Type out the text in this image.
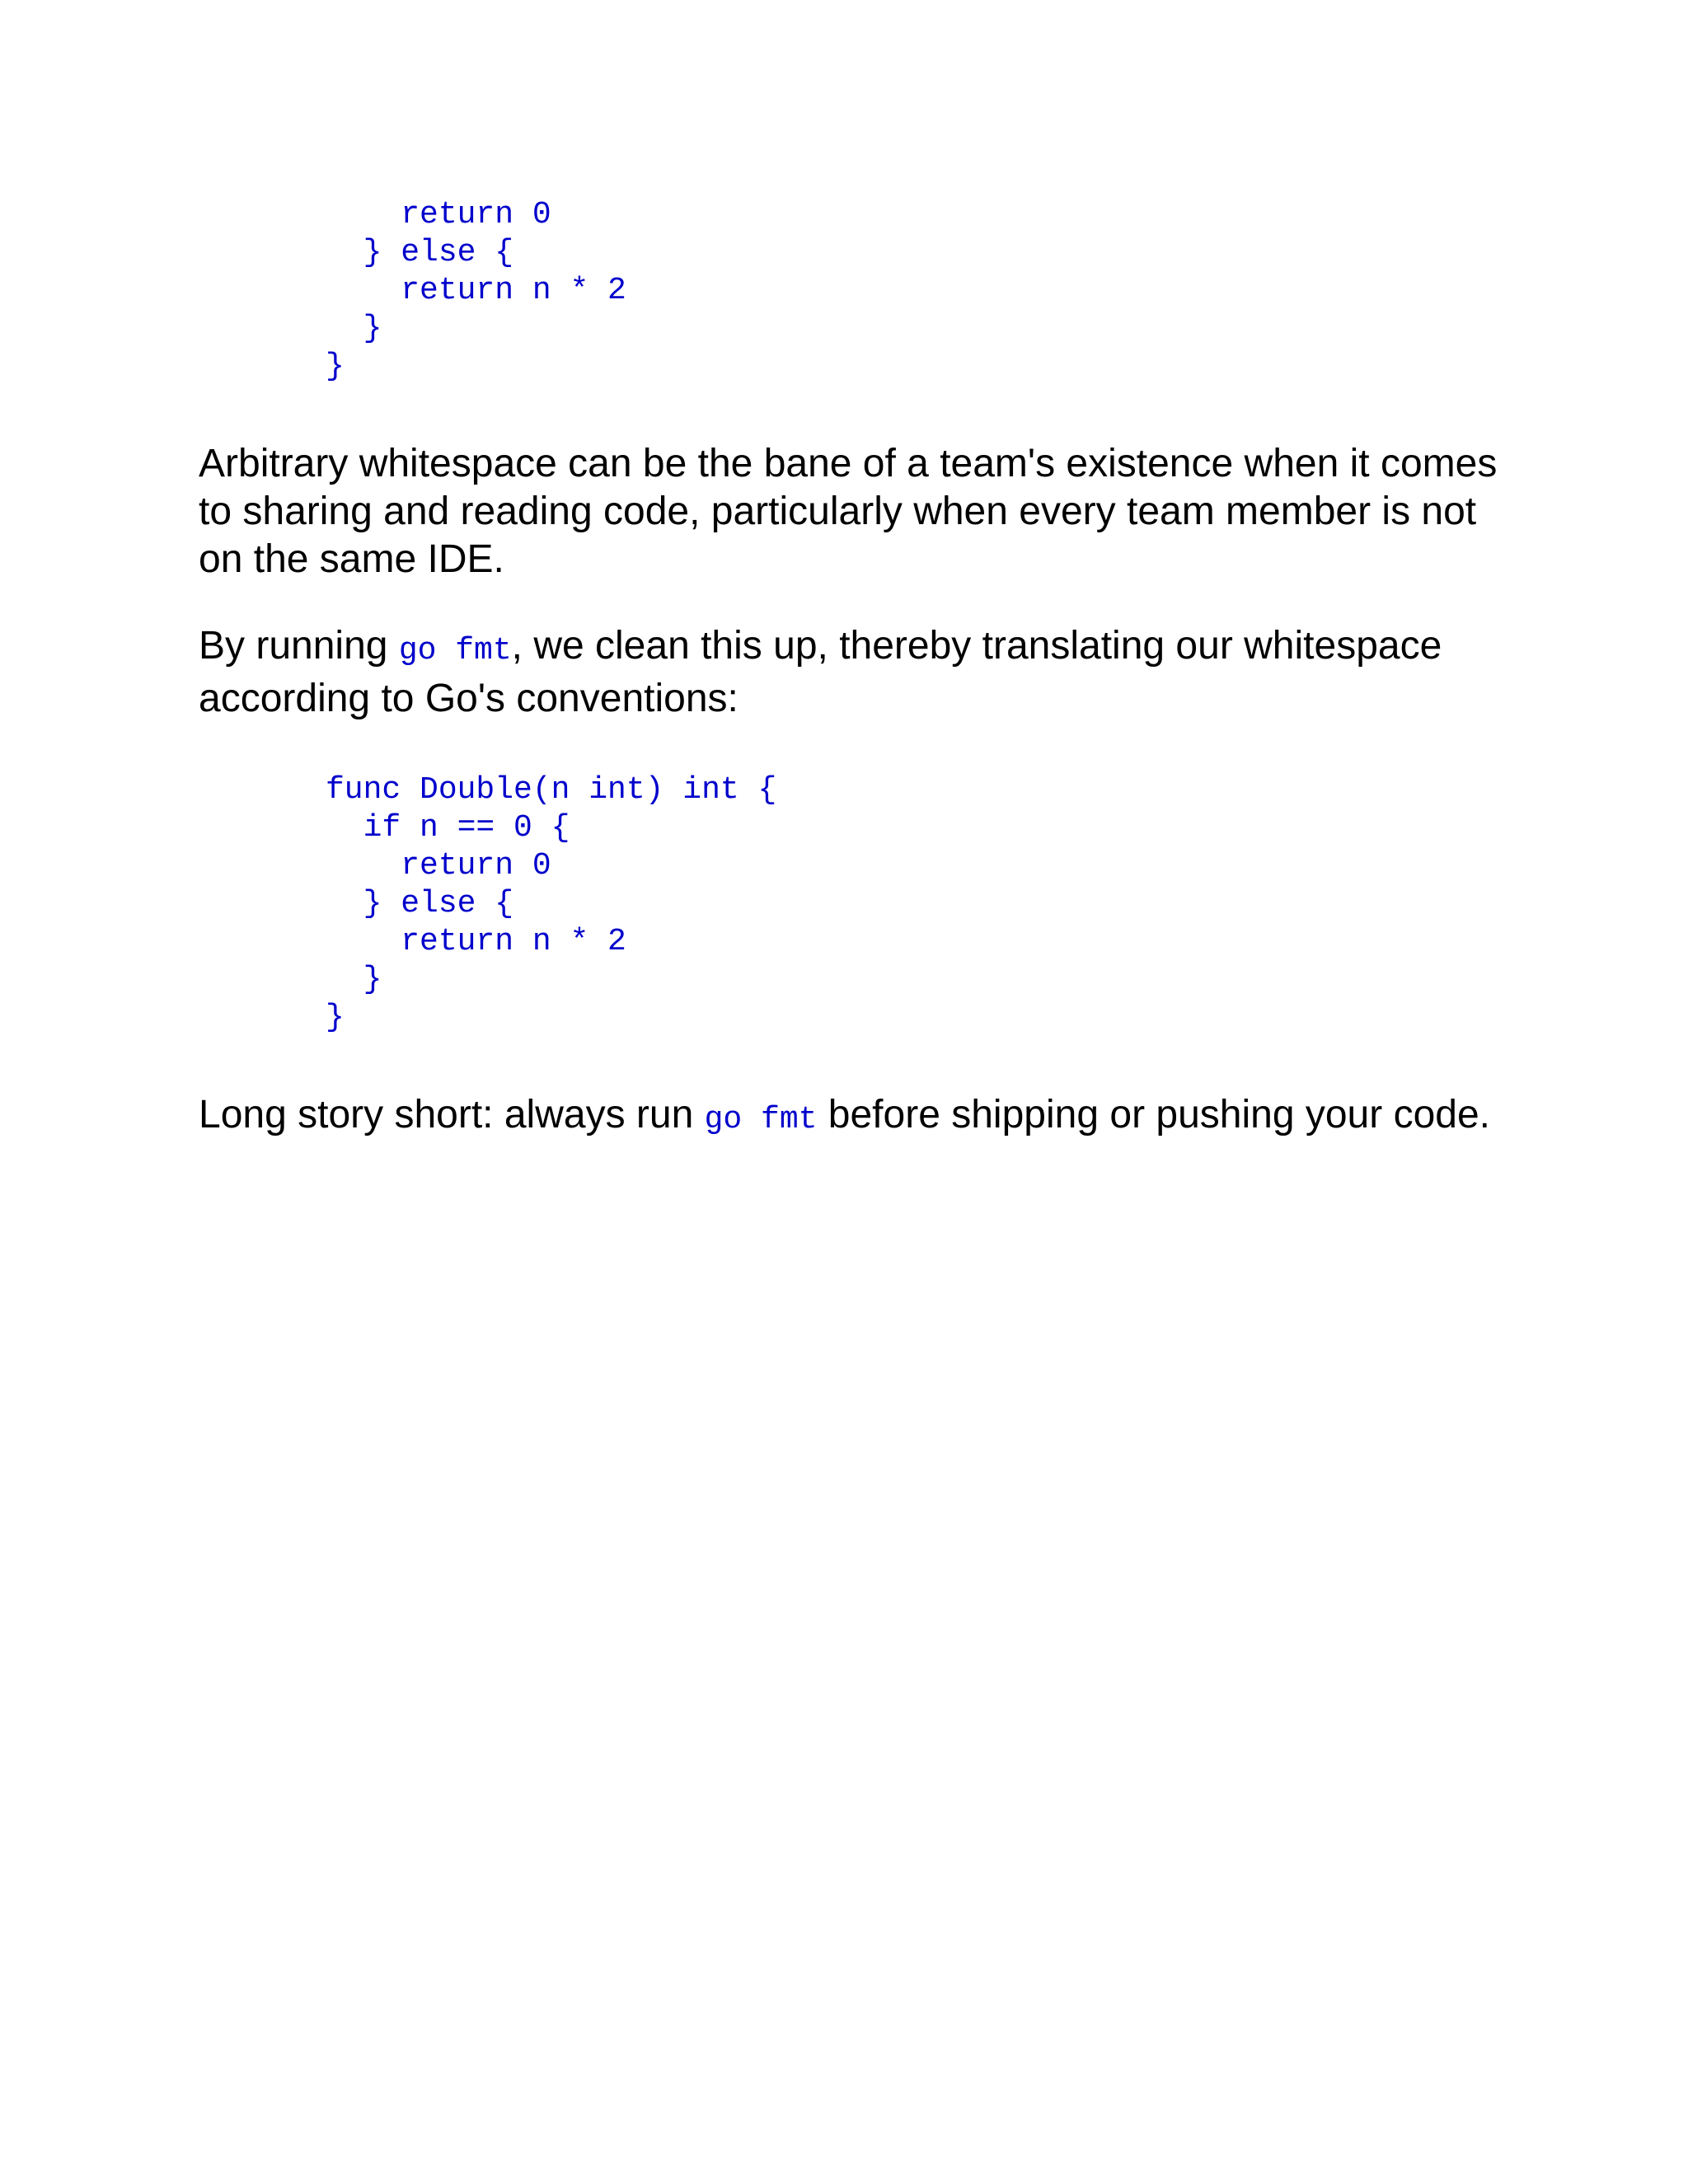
return 0
} else {
return n * 2
}
}

Arbitrary whitespace can be the bane of a team's existence when it comes to sharing and reading code, particularly when every team member is not on the same IDE.

By running go fmt, we clean this up, thereby translating our whitespace according to Go's conventions:

func Double(n int) int {
if n == 0 {
return 0
} else {
return n * 2
}
}

Long story short: always run go fmt before shipping or pushing your code.
